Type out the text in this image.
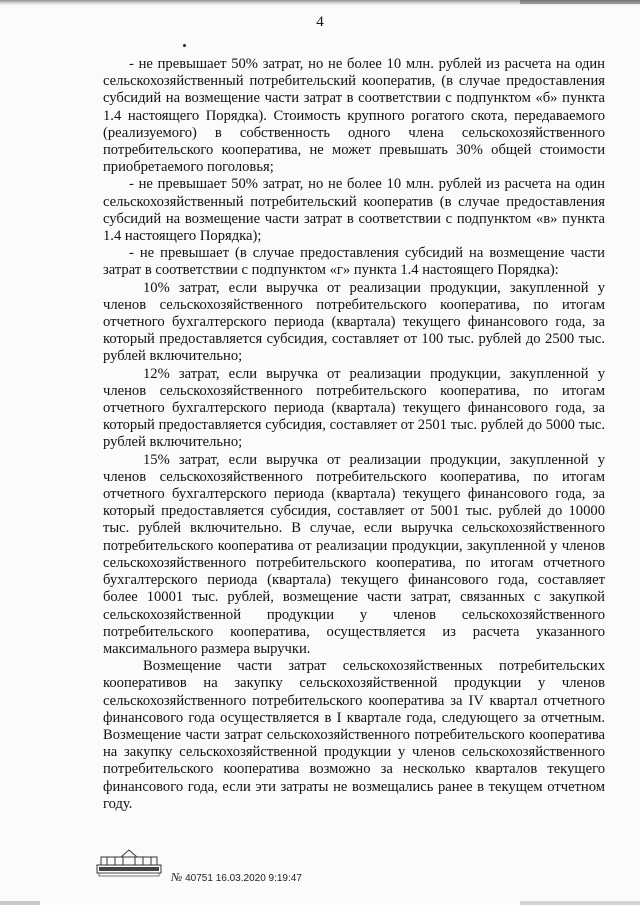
4

- не превышает 50% затрат, но не более 10 млн. рублей из расчета на один сельскохозяйственный потребительский кооператив, (в случае предоставления субсидий на возмещение части затрат в соответствии с подпунктом «б» пункта 1.4 настоящего Порядка). Стоимость крупного рогатого скота, передаваемого (реализуемого) в собственность одного члена сельскохозяйственного потребительского кооператива, не может превышать 30% общей стоимости приобретаемого поголовья;

- не превышает 50% затрат, но не более 10 млн. рублей из расчета на один сельскохозяйственный потребительский кооператив (в случае предоставления субсидий на возмещение части затрат в соответствии с подпунктом «в» пункта 1.4 настоящего Порядка);

- не превышает (в случае предоставления субсидий на возмещение части затрат в соответствии с подпунктом «г» пункта 1.4 настоящего Порядка):

10% затрат, если выручка от реализации продукции, закупленной у членов сельскохозяйственного потребительского кооператива, по итогам отчетного бухгалтерского периода (квартала) текущего финансового года, за который предоставляется субсидия, составляет от 100 тыс. рублей до 2500 тыс. рублей включительно;

12% затрат, если выручка от реализации продукции, закупленной у членов сельскохозяйственного потребительского кооператива, по итогам отчетного бухгалтерского периода (квартала) текущего финансового года, за который предоставляется субсидия, составляет от 2501 тыс. рублей до 5000 тыс. рублей включительно;

15% затрат, если выручка от реализации продукции, закупленной у членов сельскохозяйственного потребительского кооператива, по итогам отчетного бухгалтерского периода (квартала) текущего финансового года, за который предоставляется субсидия, составляет от 5001 тыс. рублей до 10000 тыс. рублей включительно. В случае, если выручка сельскохозяйственного потребительского кооператива от реализации продукции, закупленной у членов сельскохозяйственного потребительского кооператива, по итогам отчетного бухгалтерского периода (квартала) текущего финансового года, составляет более 10001 тыс. рублей, возмещение части затрат, связанных с закупкой сельскохозяйственной продукции у членов сельскохозяйственного потребительского кооператива, осуществляется из расчета указанного максимального размера выручки.

Возмещение части затрат сельскохозяйственных потребительских кооперативов на закупку сельскохозяйственной продукции у членов сельскохозяйственного потребительского кооператива за IV квартал отчетного финансового года осуществляется в I квартале года, следующего за отчетным. Возмещение части затрат сельскохозяйственного потребительского кооператива на закупку сельскохозяйственной продукции у членов сельскохозяйственного потребительского кооператива возможно за несколько кварталов текущего финансового года, если эти затраты не возмещались ранее в текущем отчетном году.

№ 40751 16.03.2020 9:19:47
